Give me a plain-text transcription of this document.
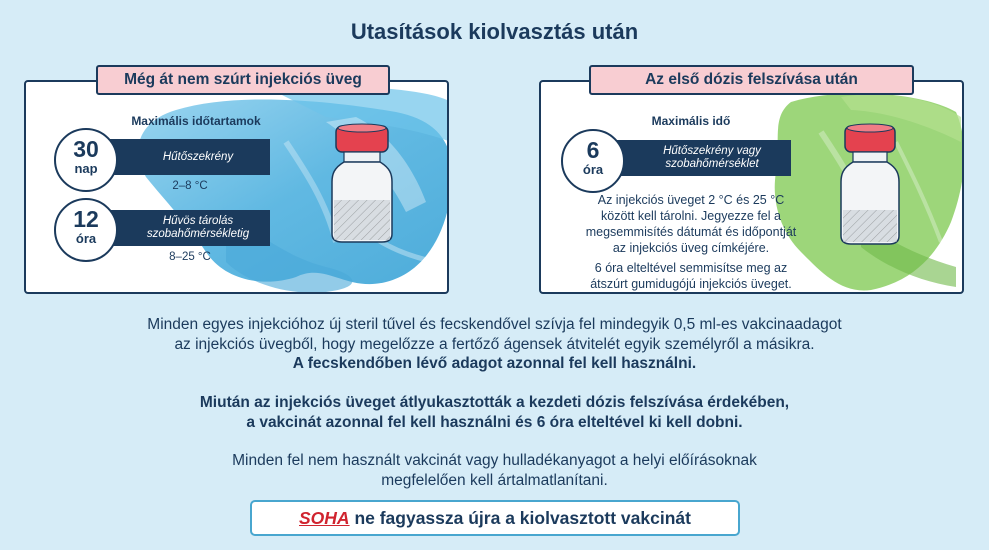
Utasítások kiolvasztás után
Maximális időtartamok
30
nap
Hűtőszekrény
2–8 °C
12
óra
Hűvös tárolás
szobahőmérsékletig
8–25 °C
Még át nem szúrt injekciós üveg
Maximális idő
6
óra
Hűtőszekrény vagy
szobahőmérséklet
Az injekciós üveget 2 °C és 25 °C
között kell tárolni. Jegyezze fel a
megsemmisítés dátumát és időpontját
az injekciós üveg címkéjére.
6 óra elteltével semmisítse meg az
átszúrt gumidugójú injekciós üveget.
Az első dózis felszívása után
Minden egyes injekcióhoz új steril tűvel és fecskendővel szívja fel mindegyik 0,5 ml-es vakcinaadagot
az injekciós üvegből, hogy megelőzze a fertőző ágensek átvitelét egyik személyről a másikra.
A fecskendőben lévő adagot azonnal fel kell használni.
Miután az injekciós üveget átlyukasztották a kezdeti dózis felszívása érdekében,
a vakcinát azonnal fel kell használni és 6 óra elteltével ki kell dobni.
Minden fel nem használt vakcinát vagy hulladékanyagot a helyi előírásoknak
megfelelően kell ártalmatlanítani.
SOHA ne fagyassza újra a kiolvasztott vakcinát
